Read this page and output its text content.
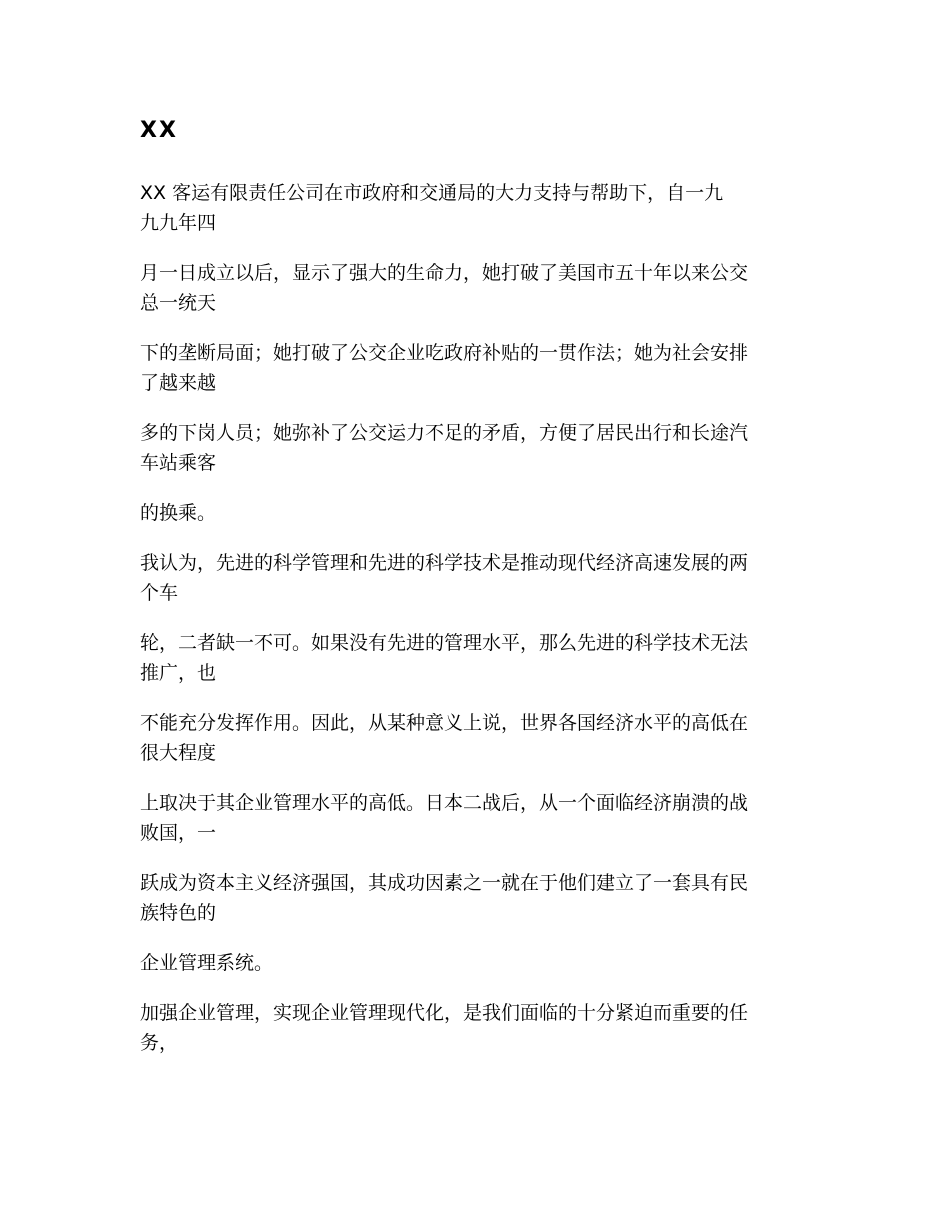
XX

XX 客运有限责任公司在市政府和交通局的大力支持与帮助下，自一九
九九年四

月一日成立以后，显示了强大的生命力，她打破了美国市五十年以来公交
总一统天

下的垄断局面；她打破了公交企业吃政府补贴的一贯作法；她为社会安排
了越来越

多的下岗人员；她弥补了公交运力不足的矛盾，方便了居民出行和长途汽
车站乘客

的换乘。

我认为，先进的科学管理和先进的科学技术是推动现代经济高速发展的两
个车

轮，二者缺一不可。如果没有先进的管理水平，那么先进的科学技术无法
推广，也

不能充分发挥作用。因此，从某种意义上说，世界各国经济水平的高低在
很大程度

上取决于其企业管理水平的高低。日本二战后，从一个面临经济崩溃的战
败国，一

跃成为资本主义经济强国，其成功因素之一就在于他们建立了一套具有民
族特色的

企业管理系统。

加强企业管理，实现企业管理现代化，是我们面临的十分紧迫而重要的任
务，
